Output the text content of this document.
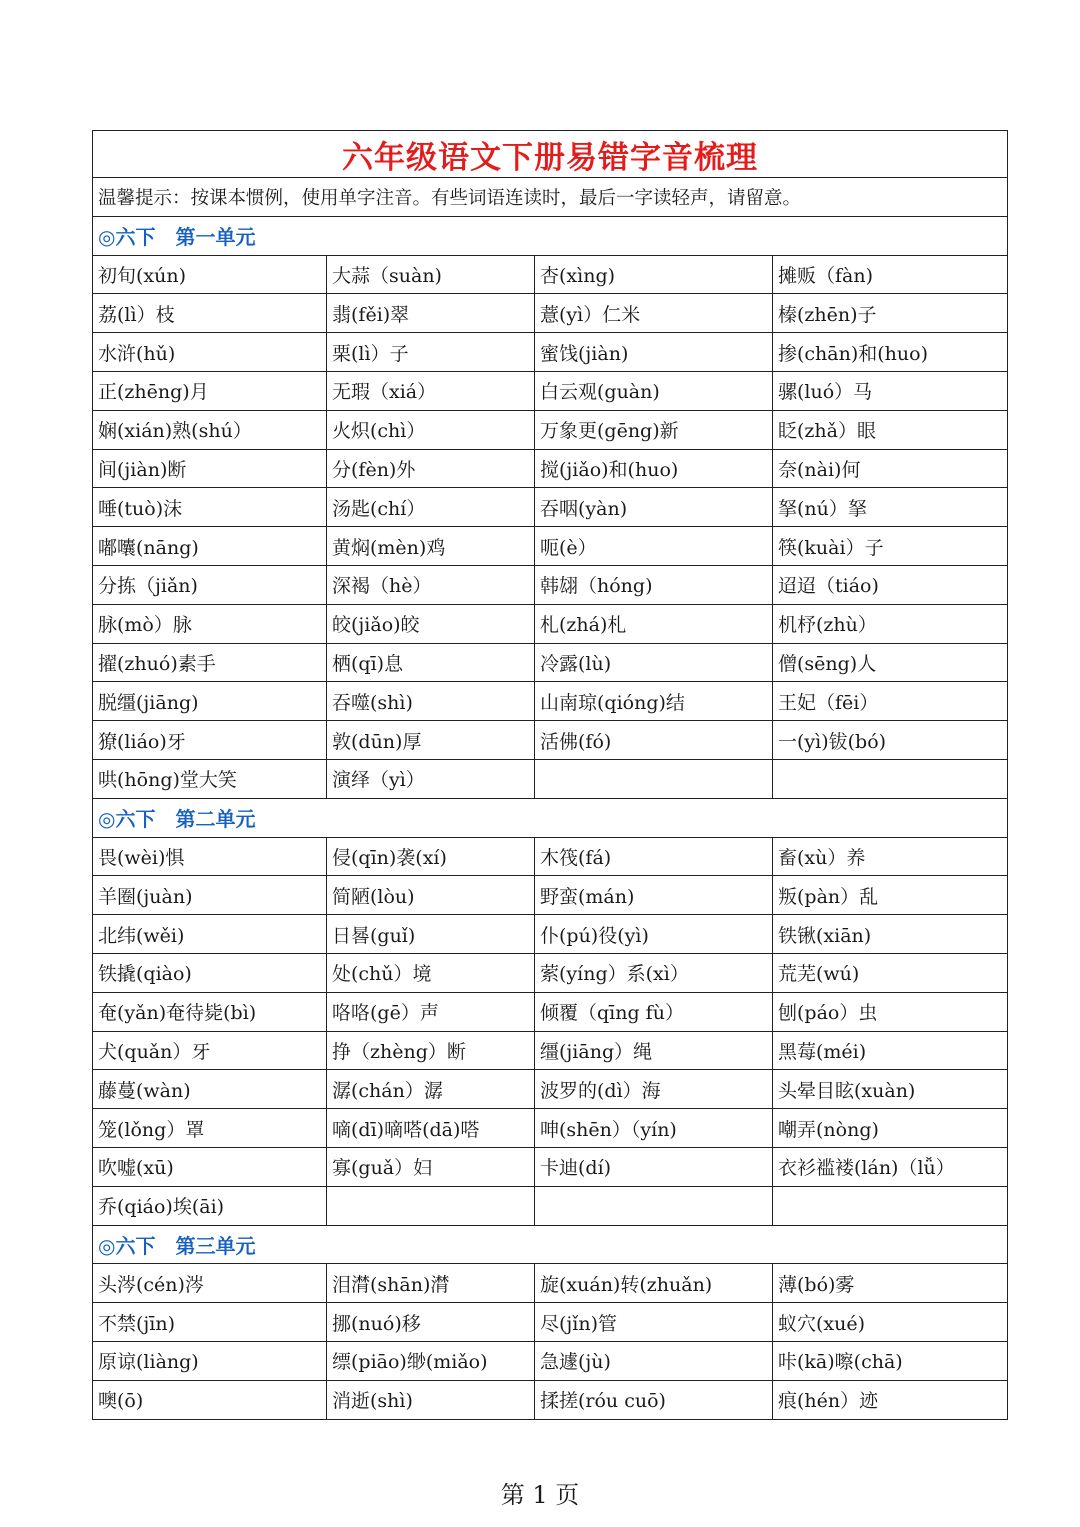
六年级语文下册易错字音梳理			
温馨提示：按课本惯例，使用单字注音。有些词语连读时，最后一字读轻声，请留意。			
◎六下　第一单元			
初旬(xún)	大蒜（suàn)	杏(xìng)	摊贩（fàn)
荔(lì）枝	翡(fěi)翠	薏(yì）仁米	榛(zhēn)子
水浒(hǔ)	栗(lì）子	蜜饯(jiàn)	掺(chān)和(huo)
正(zhēng)月	无瑕（xiá）	白云观(guàn)	骡(luó）马
娴(xián)熟(shú）	火炽(chì）	万象更(gēng)新	眨(zhǎ）眼
间(jiàn)断	分(fèn)外	搅(jiǎo)和(huo)	奈(nài)何
唾(tuò)沫	汤匙(chí）	吞咽(yàn)	拏(nú）拏
嘟囔(nāng)	黄焖(mèn)鸡	呃(è）	筷(kuài）子
分拣（jiǎn)	深褐（hè）	韩翃（hóng)	迢迢（tiáo)
脉(mò）脉	皎(jiǎo)皎	札(zhá)札	机杼(zhù）
擢(zhuó)素手	栖(qī)息	冷露(lù)	僧(sēng)人
脱缰(jiāng)	吞噬(shì)	山南琼(qióng)结	王妃（fēi）
獠(liáo)牙	敦(dūn)厚	活佛(fó)	一(yì)钹(bó)
哄(hōng)堂大笑	演绎（yì）		
◎六下　第二单元			
畏(wèi)惧	侵(qīn)袭(xí)	木筏(fá)	畜(xù）养
羊圈(juàn)	简陋(lòu)	野蛮(mán)	叛(pàn）乱
北纬(wěi)	日晷(guǐ)	仆(pú)役(yì)	铁锹(xiān)
铁撬(qiào)	处(chǔ）境	萦(yíng）系(xì）	荒芜(wú)
奄(yǎn)奄待毙(bì)	咯咯(gē）声	倾覆（qīng fù）	刨(páo）虫
犬(quǎn）牙	挣（zhèng）断	缰(jiāng）绳	黑莓(méi)
藤蔓(wàn)	潺(chán）潺	波罗的(dì）海	头晕目眩(xuàn)
笼(lǒng）罩	嘀(dī)嘀嗒(dā)嗒	呻(shēn）（yín)	嘲弄(nòng)
吹嘘(xū)	寡(guǎ）妇	卡迪(dí)	衣衫褴褛(lán)（lǚ）
乔(qiáo)埃(āi)			
◎六下　第三单元			
头涔(cén)涔	泪潸(shān)潸	旋(xuán)转(zhuǎn)	薄(bó)雾
不禁(jīn)	挪(nuó)移	尽(jǐn)管	蚁穴(xué)
原谅(liàng)	缥(piāo)缈(miǎo)	急遽(jù)	咔(kā)嚓(chā)
噢(ō)	消逝(shì)	揉搓(róu cuō)	痕(hén）迹
第 1 页
